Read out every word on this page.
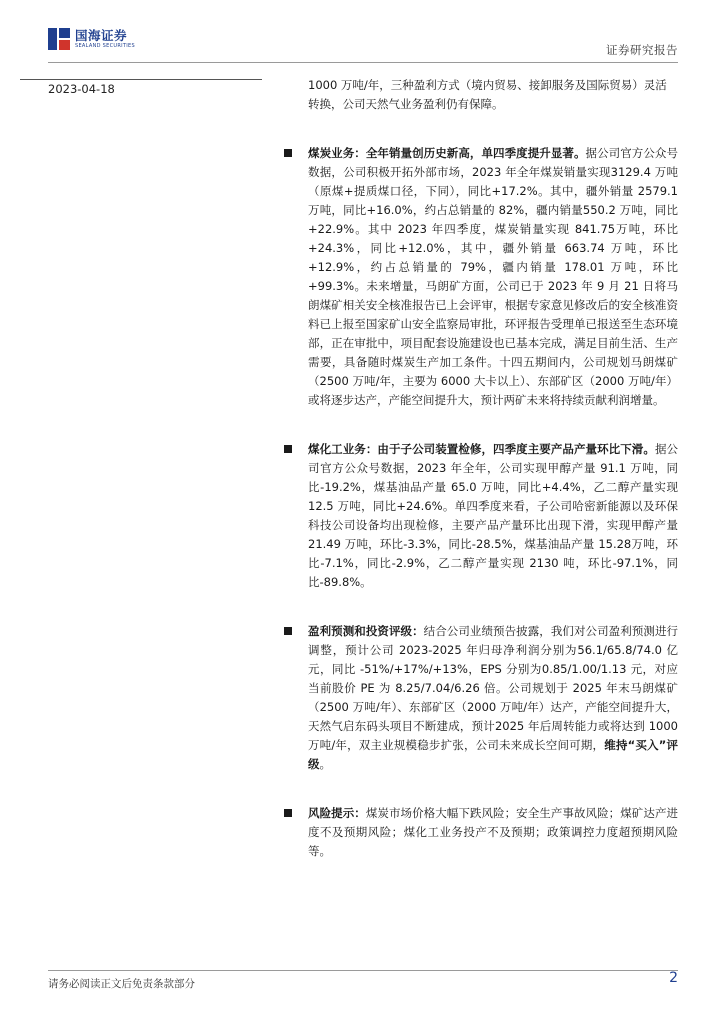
国海证券
SEALAND SECURITIES	证券研究报告
2023-04-18	1000 万吨/年，三种盈利方式（境内贸易、接卸服务及国际贸易）灵活转换，公司天然气业务盈利仍有保障。

煤炭业务：全年销量创历史新高，单四季度提升显著。据公司官方公众号数据，公司积极开拓外部市场，2023 年全年煤炭销量实现3129.4 万吨（原煤+提质煤口径，下同），同比+17.2%。其中，疆外销量 2579.1 万吨，同比+16.0%，约占总销量的 82%，疆内销量550.2 万吨，同比+22.9%。其中 2023 年四季度，煤炭销量实现 841.75万吨，环比+24.3%，同比+12.0%，其中，疆外销量 663.74 万吨，环比+12.9%，约占总销量的 79%，疆内销量 178.01 万吨，环比+99.3%。未来增量，马朗矿方面，公司已于 2023 年 9 月 21 日将马朗煤矿相关安全核准报告已上会评审，根据专家意见修改后的安全核准资料已上报至国家矿山安全监察局审批，环评报告受理单已报送至生态环境部，正在审批中，项目配套设施建设也已基本完成，满足目前生活、生产需要，具备随时煤炭生产加工条件。十四五期间内，公司规划马朗煤矿（2500 万吨/年，主要为 6000 大卡以上）、东部矿区（2000 万吨/年）或将逐步达产，产能空间提升大，预计两矿未来将持续贡献利润增量。

煤化工业务：由于子公司装置检修，四季度主要产品产量环比下滑。据公司官方公众号数据，2023 年全年，公司实现甲醇产量 91.1 万吨，同比-19.2%，煤基油品产量 65.0 万吨，同比+4.4%，乙二醇产量实现 12.5 万吨，同比+24.6%。单四季度来看，子公司哈密新能源以及环保科技公司设备均出现检修，主要产品产量环比出现下滑，实现甲醇产量 21.49 万吨，环比-3.3%，同比-28.5%，煤基油品产量 15.28万吨，环比-7.1%，同比-2.9%，乙二醇产量实现 2130 吨，环比-97.1%，同比-89.8%。

盈利预测和投资评级：结合公司业绩预告披露，我们对公司盈利预测进行调整，预计公司 2023-2025 年归母净利润分别为56.1/65.8/74.0 亿元，同比 -51%/+17%/+13%，EPS 分别为0.85/1.00/1.13 元，对应当前股价 PE 为 8.25/7.04/6.26 倍。公司规划于 2025 年末马朗煤矿（2500 万吨/年）、东部矿区（2000 万吨/年）达产，产能空间提升大，天然气启东码头项目不断建成，预计2025 年后周转能力或将达到 1000 万吨/年，双主业规模稳步扩张，公司未来成长空间可期，维持“买入”评级。

风险提示：煤炭市场价格大幅下跌风险；安全生产事故风险；煤矿达产进度不及预期风险；煤化工业务投产不及预期；政策调控力度超预期风险等。

请务必阅读正文后免责条款部分	2
